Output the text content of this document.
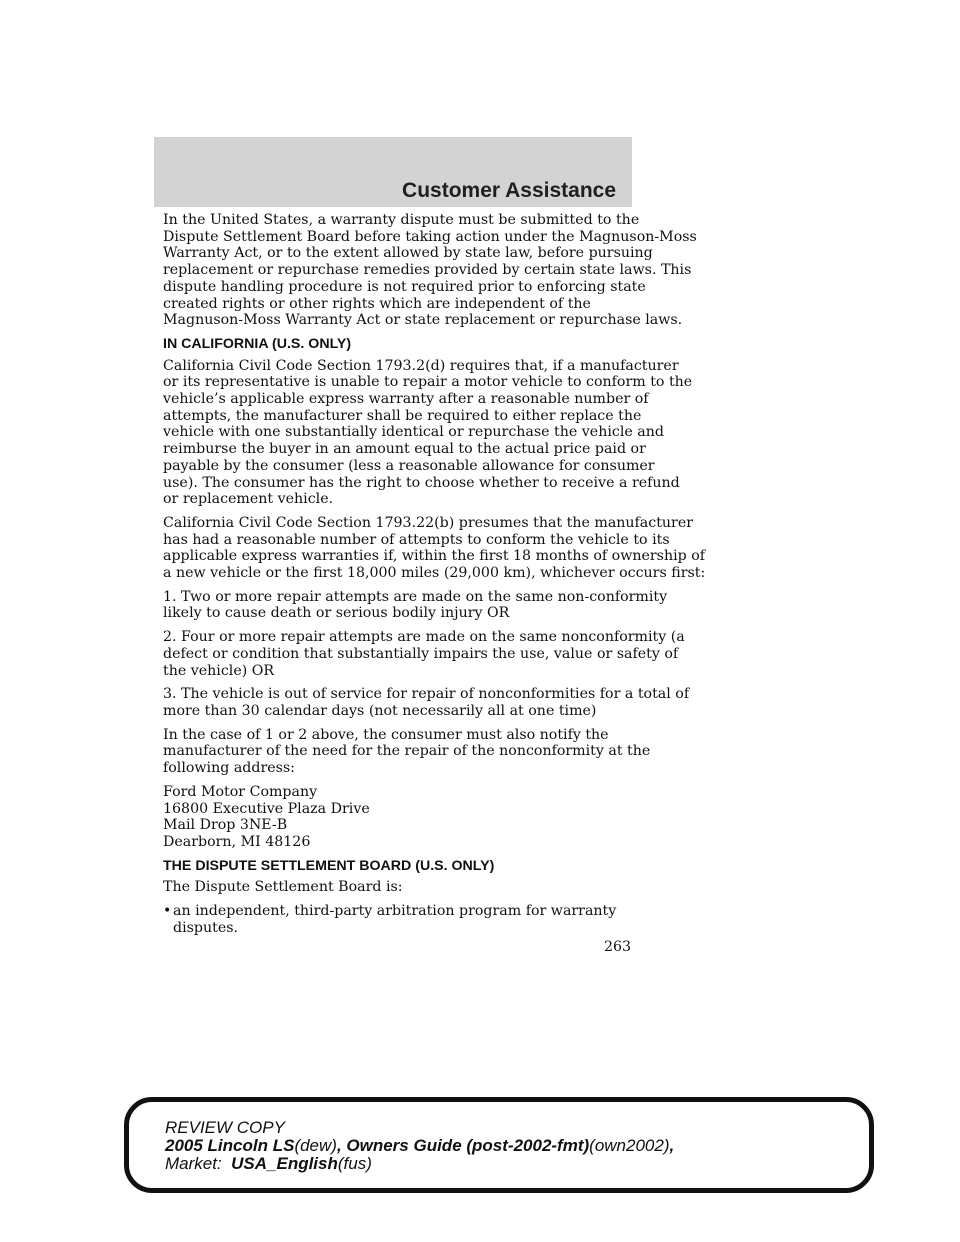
Customer Assistance

In the United States, a warranty dispute must be submitted to the
Dispute Settlement Board before taking action under the Magnuson-Moss
Warranty Act, or to the extent allowed by state law, before pursuing
replacement or repurchase remedies provided by certain state laws. This
dispute handling procedure is not required prior to enforcing state
created rights or other rights which are independent of the
Magnuson-Moss Warranty Act or state replacement or repurchase laws.

IN CALIFORNIA (U.S. ONLY)

California Civil Code Section 1793.2(d) requires that, if a manufacturer
or its representative is unable to repair a motor vehicle to conform to the
vehicle’s applicable express warranty after a reasonable number of
attempts, the manufacturer shall be required to either replace the
vehicle with one substantially identical or repurchase the vehicle and
reimburse the buyer in an amount equal to the actual price paid or
payable by the consumer (less a reasonable allowance for consumer
use). The consumer has the right to choose whether to receive a refund
or replacement vehicle.

California Civil Code Section 1793.22(b) presumes that the manufacturer
has had a reasonable number of attempts to conform the vehicle to its
applicable express warranties if, within the first 18 months of ownership of
a new vehicle or the first 18,000 miles (29,000 km), whichever occurs first:

1. Two or more repair attempts are made on the same non-conformity
likely to cause death or serious bodily injury OR

2. Four or more repair attempts are made on the same nonconformity (a
defect or condition that substantially impairs the use, value or safety of
the vehicle) OR

3. The vehicle is out of service for repair of nonconformities for a total of
more than 30 calendar days (not necessarily all at one time)

In the case of 1 or 2 above, the consumer must also notify the
manufacturer of the need for the repair of the nonconformity at the
following address:

Ford Motor Company
16800 Executive Plaza Drive
Mail Drop 3NE-B
Dearborn, MI 48126

THE DISPUTE SETTLEMENT BOARD (U.S. ONLY)

The Dispute Settlement Board is:

• an independent, third-party arbitration program for warranty disputes.
263
REVIEW COPY
2005 Lincoln LS(dew), Owners Guide (post-2002-fmt)(own2002),
Market:  USA_English(fus)
